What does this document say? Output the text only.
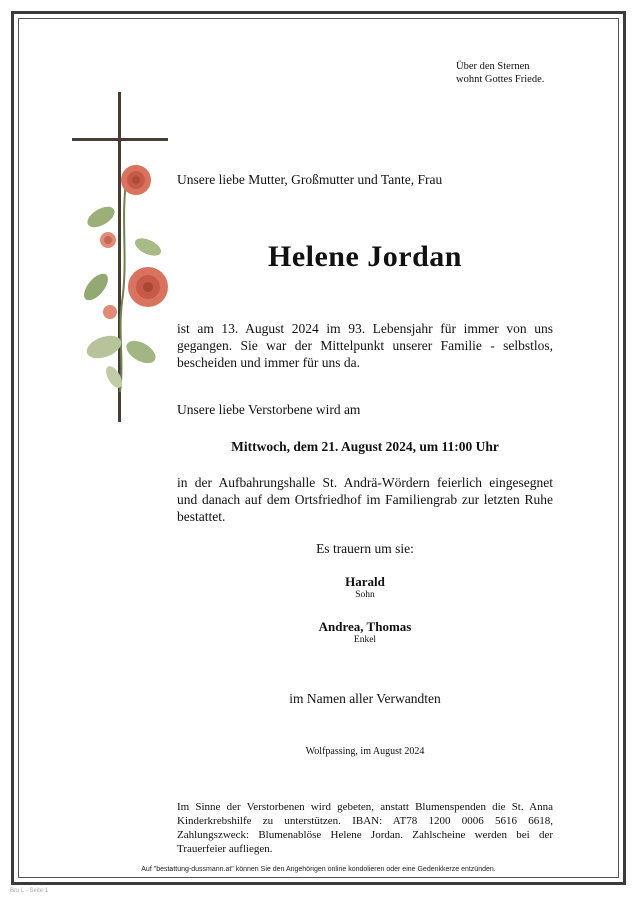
Über den Sternen
wohnt Gottes Friede.
Unsere liebe Mutter, Großmutter und Tante, Frau
Helene Jordan
ist am 13. August 2024 im 93. Lebensjahr für immer von uns gegangen. Sie war der Mittelpunkt unserer Familie - selbstlos, bescheiden und immer für uns da.
Unsere liebe Verstorbene wird am
Mittwoch, dem 21. August 2024, um 11:00 Uhr
in der Aufbahrungshalle St. Andrä-Wördern feierlich eingesegnet und danach auf dem Ortsfriedhof im Familiengrab zur letzten Ruhe bestattet.
Es trauern um sie:
Harald
Sohn
Andrea, Thomas
Enkel
im Namen aller Verwandten
Wolfpassing, im August 2024
Im Sinne der Verstorbenen wird gebeten, anstatt Blumenspenden die St. Anna Kinderkrebshilfe zu unterstützen. IBAN: AT78 1200 0006 5616 6618, Zahlungszweck: Blumenablöse Helene Jordan. Zahlscheine werden bei der Trauerfeier aufliegen.
Auf "bestattung-dussmann.at" können Sie den Angehörigen online kondolieren oder eine Gedenkkerze entzünden.
Bru L - Seite 1
